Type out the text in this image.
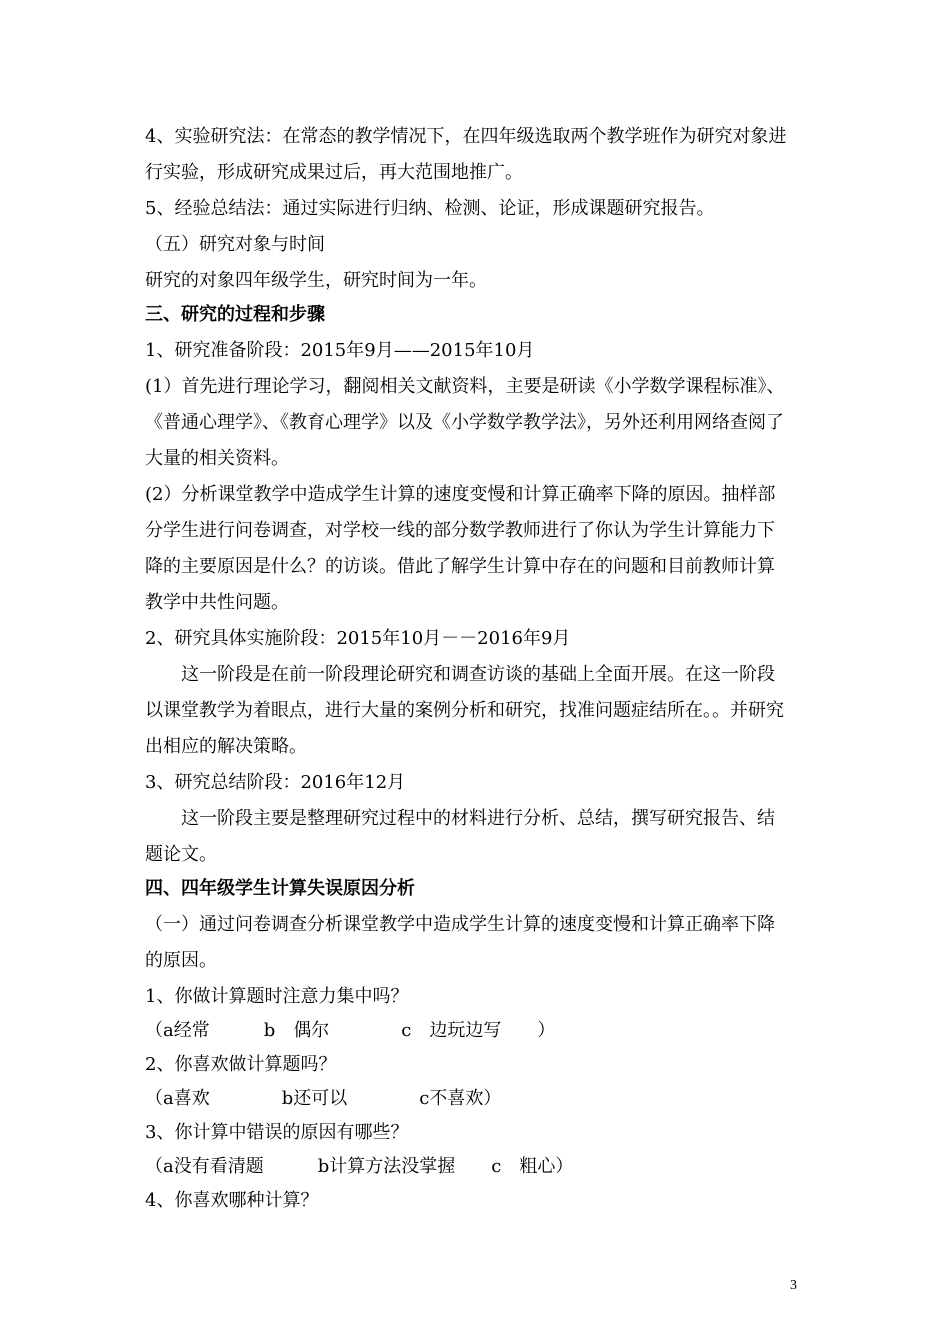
4、实验研究法：在常态的教学情况下，在四年级选取两个教学班作为研究对象进
行实验，形成研究成果过后，再大范围地推广。
5、经验总结法：通过实际进行归纳、检测、论证，形成课题研究报告。
（五）研究对象与时间
研究的对象四年级学生，研究时间为一年。
三、研究的过程和步骤
1、研究准备阶段：2015年9月——2015年10月
(1）首先进行理论学习，翻阅相关文献资料，主要是研读《小学数学课程标准》、
《普通心理学》、《教育心理学》以及《小学数学教学法》，另外还利用网络查阅了
大量的相关资料。
(2）分析课堂教学中造成学生计算的速度变慢和计算正确率下降的原因。抽样部
分学生进行问卷调查，对学校一线的部分数学教师进行了你认为学生计算能力下
降的主要原因是什么？的访谈。借此了解学生计算中存在的问题和目前教师计算
教学中共性问题。
2、研究具体实施阶段：2015年10月－－2016年9月
这一阶段是在前一阶段理论研究和调查访谈的基础上全面开展。在这一阶段
以课堂教学为着眼点，进行大量的案例分析和研究，找准问题症结所在。。并研究
出相应的解决策略。
3、研究总结阶段：2016年12月
这一阶段主要是整理研究过程中的材料进行分析、总结，撰写研究报告、结
题论文。
四、四年级学生计算失误原因分析
（一）通过问卷调查分析课堂教学中造成学生计算的速度变慢和计算正确率下降
的原因。
1、你做计算题时注意力集中吗？
（a经常　　　b　偶尔　　　　c　边玩边写　　）
2、你喜欢做计算题吗？
（a喜欢　　　　b还可以　　　　c不喜欢）
3、你计算中错误的原因有哪些？
（a没有看清题　　　b计算方法没掌握　　c　粗心）
4、你喜欢哪种计算？
3
